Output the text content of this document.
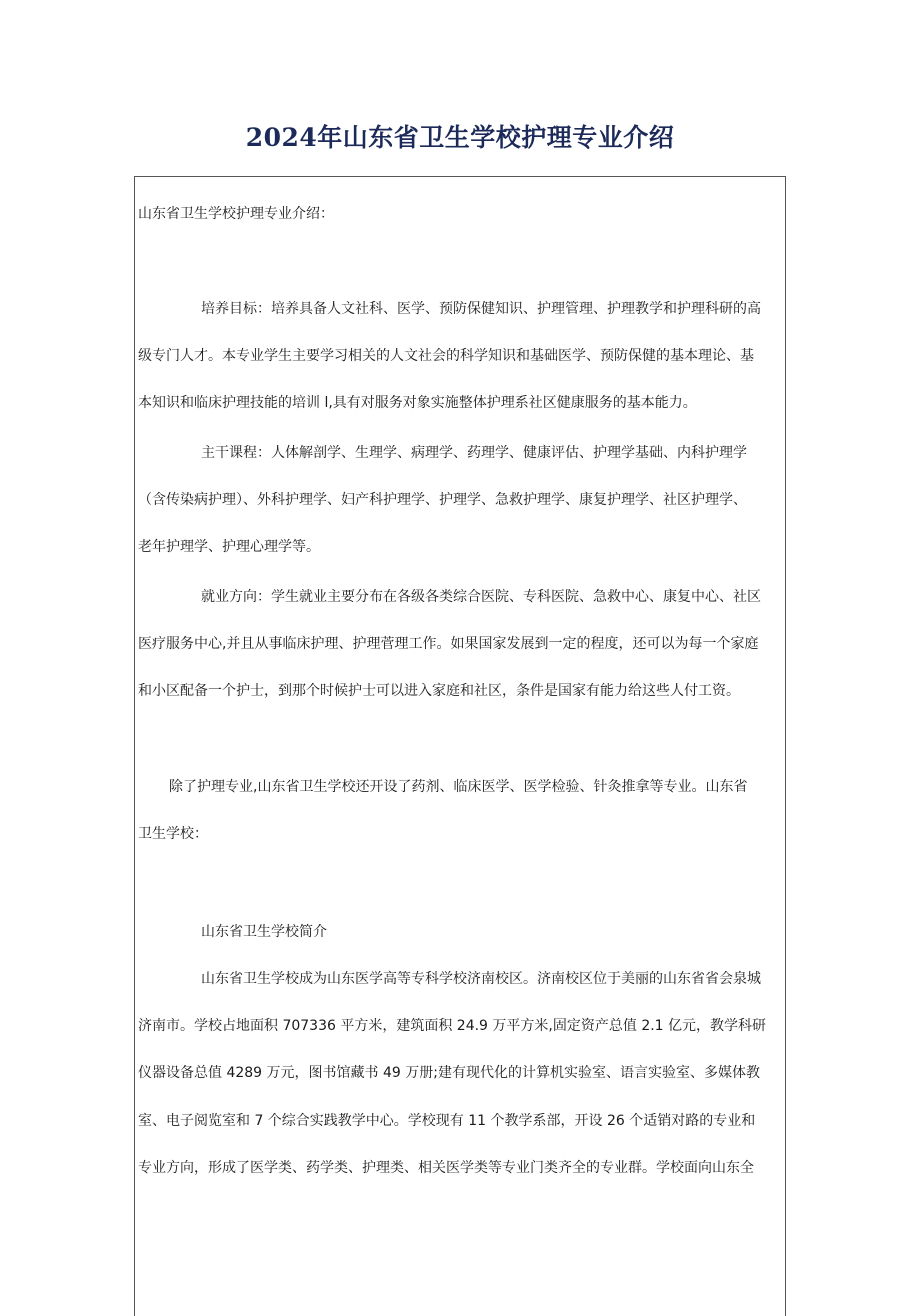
2024年山东省卫生学校护理专业介绍
山东省卫生学校护理专业介绍：
培养目标：培养具备人文社科、医学、预防保健知识、护理管理、护理教学和护理科研的高
级专门人才。本专业学生主要学习相关的人文社会的科学知识和基础医学、预防保健的基本理论、基
本知识和临床护理技能的培训 l,具有对服务对象实施整体护理系社区健康服务的基本能力。
主干课程：人体解剖学、生理学、病理学、药理学、健康评估、护理学基础、内科护理学
（含传染病护理）、外科护理学、妇产科护理学、护理学、急救护理学、康复护理学、社区护理学、
老年护理学、护理心理学等。
就业方向：学生就业主要分布在各级各类综合医院、专科医院、急救中心、康复中心、社区
医疗服务中心,并且从事临床护理、护理菅理工作。如果国家发展到一定的程度，还可以为每一个家庭
和小区配备一个护士，到那个时候护士可以进入家庭和社区，条件是国家有能力给这些人付工资。
除了护理专业,山东省卫生学校还开设了药剂、临床医学、医学检验、针灸推拿等专业。山东省
卫生学校：
山东省卫生学校简介
山东省卫生学校成为山东医学高等专科学校济南校区。济南校区位于美丽的山东省省会泉城
济南市。学校占地面积 707336 平方米，建筑面积 24.9 万平方米,固定资产总值 2.1 亿元，教学科研
仪器设备总值 4289 万元，图书馆藏书 49 万册;建有现代化的计算机实验室、语言实验室、多媒体教
室、电子阅览室和 7 个综合实践教学中心。学校现有 11 个教学系部，开设 26 个适销对路的专业和
专业方向，形成了医学类、药学类、护理类、相关医学类等专业门类齐全的专业群。学校面向山东全
